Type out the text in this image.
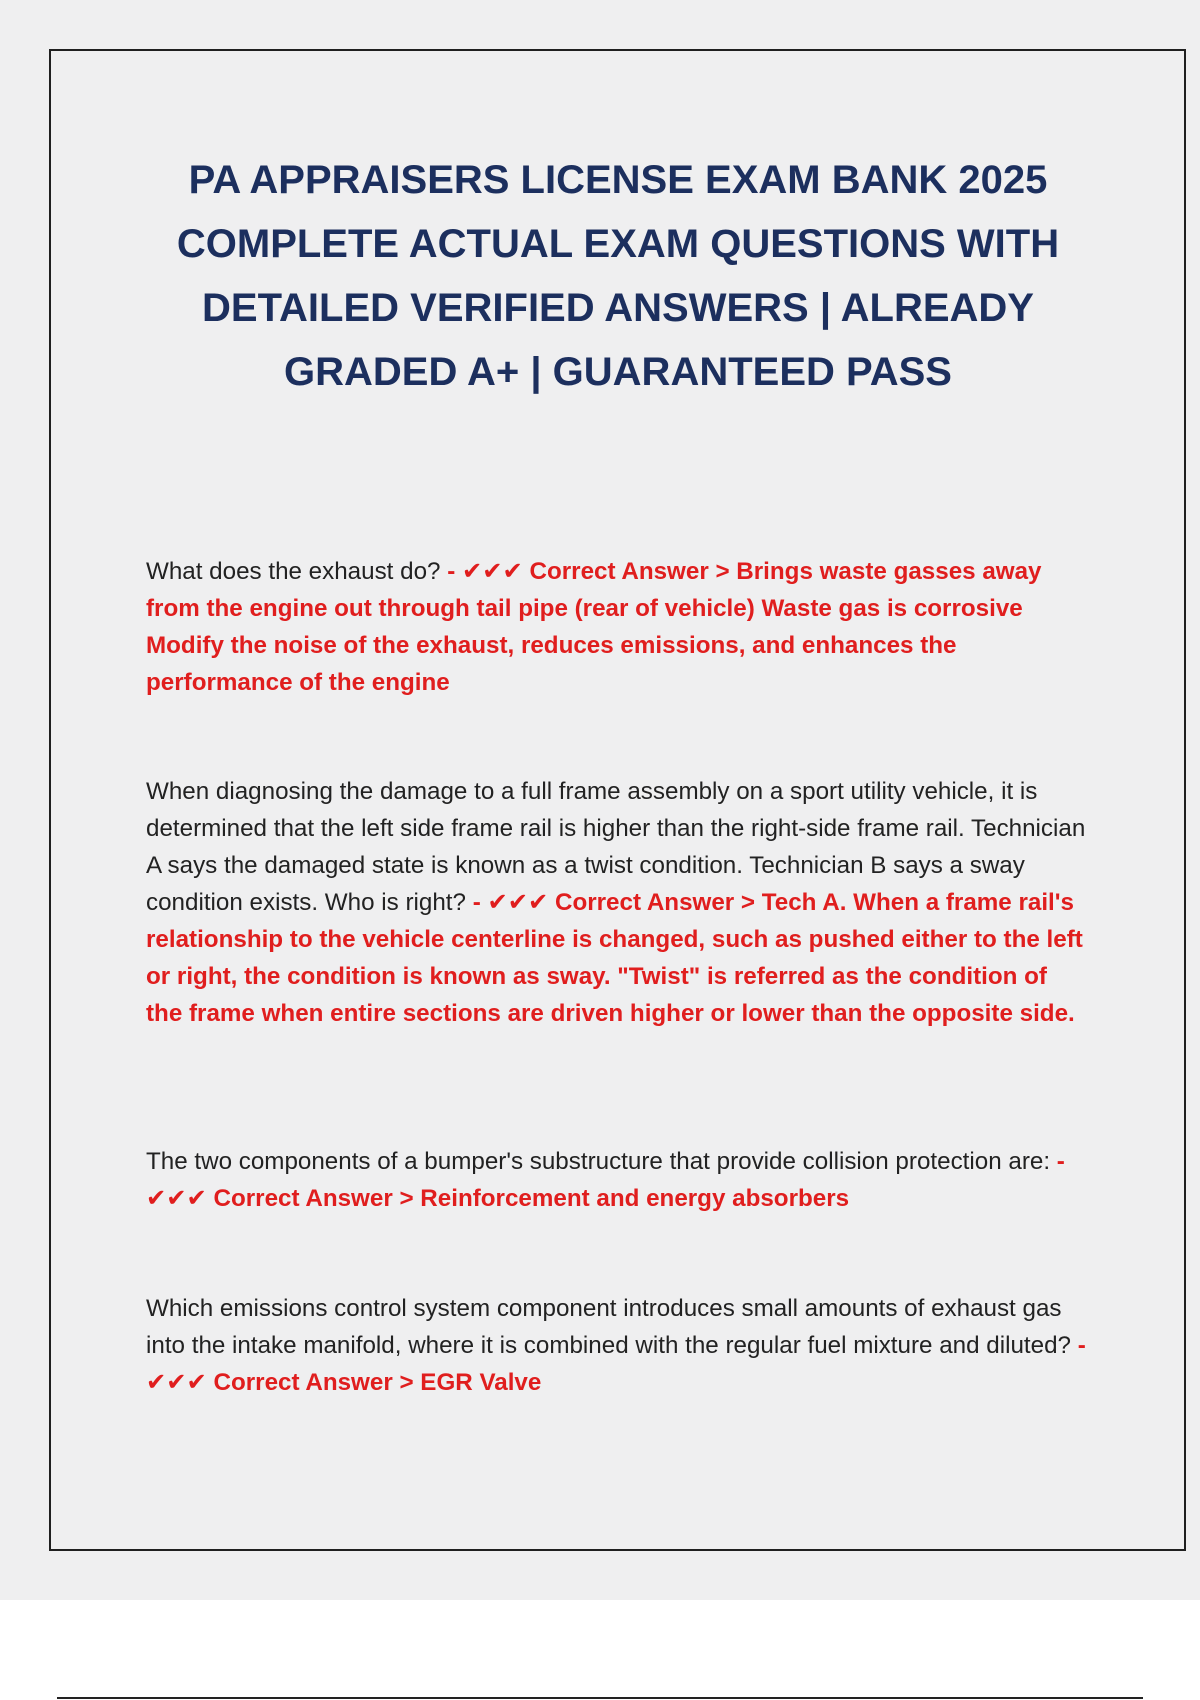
PA APPRAISERS LICENSE EXAM BANK 2025 COMPLETE ACTUAL EXAM QUESTIONS WITH DETAILED VERIFIED ANSWERS | ALREADY GRADED A+ | GUARANTEED PASS

What does the exhaust do? - ✔✔✔ Correct Answer > Brings waste gasses away from the engine out through tail pipe (rear of vehicle) Waste gas is corrosive Modify the noise of the exhaust, reduces emissions, and enhances the performance of the engine

When diagnosing the damage to a full frame assembly on a sport utility vehicle, it is determined that the left side frame rail is higher than the right-side frame rail. Technician A says the damaged state is known as a twist condition. Technician B says a sway condition exists. Who is right? - ✔✔✔ Correct Answer > Tech A. When a frame rail's relationship to the vehicle centerline is changed, such as pushed either to the left or right, the condition is known as sway. "Twist" is referred as the condition of the frame when entire sections are driven higher or lower than the opposite side.

The two components of a bumper's substructure that provide collision protection are: - ✔✔✔ Correct Answer > Reinforcement and energy absorbers

Which emissions control system component introduces small amounts of exhaust gas into the intake manifold, where it is combined with the regular fuel mixture and diluted? - ✔✔✔ Correct Answer > EGR Valve
